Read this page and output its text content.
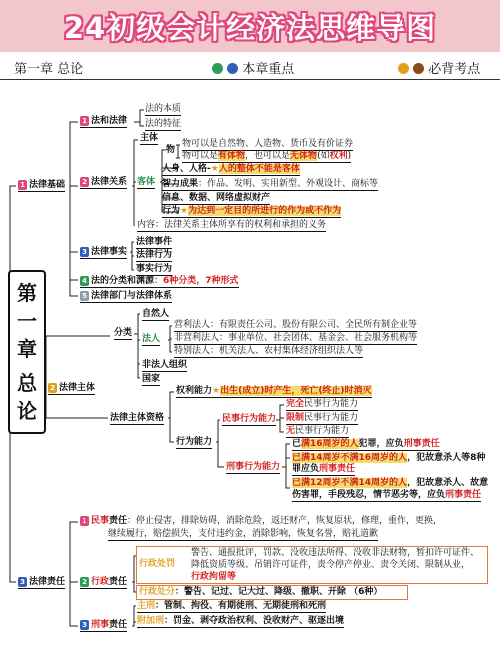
24初级会计经济法思维导图
第一章 总论	本章重点	必背考点
第
一
章
总
论
1 法律基础
1 法和法律
法的本质
法的特征
2 法律关系
主体
客体
物
物可以是自然物、人造物、货币及有价证券
物可以是有体物，也可以是无体物(如权利)
人身、人格-★人的整体不能是客体
智力成果：作品、发明、实用新型、外观设计、商标等
信息、数据、网络虚拟财产
行为★为达到一定目的所进行的作为或不作为
内容：法律关系主体所享有的权利和承担的义务
3 法律事实
法律事件
法律行为
事实行为
4 法的分类和渊源：6种分类，7种形式
5 法律部门与法律体系
2 法律主体
分类
自然人
法人
营利法人：有限责任公司、股份有限公司、全民所有制企业等
非营利法人：事业单位、社会团体、基金会、社会服务机构等
特别法人：机关法人、农村集体经济组织法人等
非法人组织
国家
法律主体资格
权利能力★出生(成立)时产生，死亡(终止)时消灭
行为能力
民事行为能力
完全民事行为能力
限制民事行为能力
无民事行为能力
刑事行为能力
已满16周岁的人犯罪，应负刑事责任
已满14周岁不满16周岁的人，犯故意杀人等8种
罪应负刑事责任
已满12周岁不满14周岁的人，犯故意杀人、故意
伤害罪，手段残忍，情节恶劣等，应负刑事责任
3 法律责任
1 民事责任：停止侵害，排除妨碍，消除危险，返还财产，恢复原状，修理，重作，更换，
继续履行，赔偿损失，支付违约金，消除影响，恢复名誉，赔礼道歉
2 行政责任
行政处罚
警告、通报批评，罚款、没收违法所得、没收非法财物，暂扣许可证件、
降低资质等级、吊销许可证件，责令停产停业、责令关闭、限制从业，
行政拘留等
行政处分：警告、记过、记大过、降级、撤职、开除 （6种）
3 刑事责任
主刑：管制、拘役、有期徒刑、无期徒刑和死刑
附加刑：罚金、剥夺政治权利、没收财产、驱逐出境
